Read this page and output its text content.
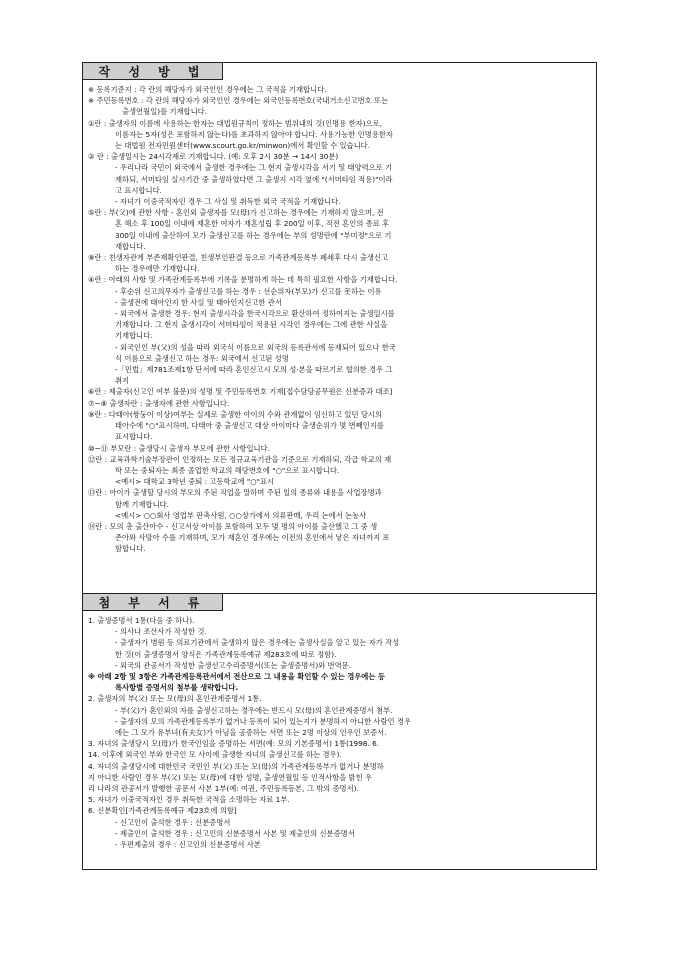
작 성 방 법
※ 등록기준지 : 각 란의 해당자가 외국인인 경우에는 그 국적을 기재합니다.
※ 주민등록번호 : 각 란의 해당자가 외국인인 경우에는 외국인등록번호(국내거소신고번호 또는
출생연월일)를 기재합니다.
①란 : 출생자의 이름에 사용하는 한자는 대법원규칙이 정하는 범위내의 것(인명용 한자)으로,
이름자는 5자(성은 포함하지 않는다)를 초과하지 않아야 합니다. 사용가능한 인명용한자
는 대법원 전자민원센터(www.scourt.go.kr/minwon)에서 확인할 수 있습니다.
② 란 : 출생일시는 24시각제로 기재합니다. (예: 오후 2시 30분 → 14시 30분)
- 우리나라 국민이 외국에서 출생한 경우에는 그 현지 출생시각을 서기 및 태양력으로 기
재하되, 서머타임 실시기간 중 출생하였다면 그 출생지 시각 옆에 "(서머타임 적용)"이라
고 표시합니다.
- 자녀가 이중국적자인 경우 그 사실 및 취득한 외국 국적을 기재합니다.
⑤란 : 부(父)에 관한 사항 - 혼인외 출생자를 모(母)가 신고하는 경우에는 기재하지 않으며, 전
혼 해소 후 100일 이내에 재혼한 여자가 재혼성립 후 200일 이후, 직전 혼인의 종료 후
300일 이내에 출산하여 모가 출생신고를 하는 경우에는 부의 성명란에 "부미정"으로 기
재합니다.
⑨란 : 친생자관계 부존재확인판결, 친생부인판결 등으로 가족관계등록부 폐쇄후 다시 출생신고
하는 경우에만 기재합니다.
④란 : 아래의 사항 및 가족관계등록부에 기록을 분명하게 하는 데 특히 필요한 사항을 기재합니다.
- 후순위 신고의무자가 출생신고를 하는 경우 : 선순위자(부모)가 신고를 못하는 이유
- 출생전에 태아인지 한 사실 및 태아인지신고한 관서
- 외국에서 출생한 경우: 현지 출생시각을 한국시각으로 환산하여 정하여지는 출생일시를
기재합니다. 그 현지 출생시각이 서머타임이 적용된 시각인 경우에는 그에 관한 사실을
기재합니다.
- 외국인인 부(父)의 성을 따라 외국식 이름으로 외국의 등록관서에 등재되어 있으나 한국
식 이름으로 출생신고 하는 경우: 외국에서 신고된 성명
-「민법」제781조제1항 단서에 따라 혼인신고시 모의 성·본을 따르기로 협의한 경우 그
취지
⑥란 : 제출자(신고인 여부 불문)의 성명 및 주민등록번호 기재[접수담당공무원은 신분증과 대조]
⑦~⑧ 출생자란 : 출생자에 관한 사항입니다.
⑨란 : 다태아(쌍둥이 이상)여부는 실제로 출생한 아이의 수와 관계없이 임신하고 있던 당시의
태아수에 "○"표시하며, 다태아 중 출생신고 대상 아이마다 출생순위가 몇 번째인지를
표시합니다.
⑩~⑪ 부모란 : 출생당시 출생자 부모에 관한 사항입니다.
⑫란 : 교육과학기술부장관이 인정하는 모든 정규교육기관을 기준으로 기재하되, 각급 학교의 재
학 또는 중퇴자는 최종 졸업한 학교의 해당번호에 "○"으로 표시합니다.
<예시> 대학교 3학년 중퇴 : 고등학교에 "○"표시
⑬란 : 아이가 출생할 당시의 부모의 주된 직업을 말하며 주된 일의 종류와 내용을 사업장명과
함께 기재합니다.
<예시> ○○회사 영업부 판촉사원, ○○상가에서 의류판매, 우리 논에서 논농사
⑭란 : 모의 총 출산아수 - 신고서상 아이를 포함하여 모두 몇 명의 아이를 출산했고 그 중 생
존아와 사망아 수를 기재하며, 모가 재혼인 경우에는 이전의 혼인에서 낳은 자녀까지 포
함합니다.
첨 부 서 류
1. 출생증명서 1통(다음 중 하나).
- 의사나 조산사가 작성한 것.
- 출생자가 병원 등 의료기관에서 출생하지 않은 경우에는 출생사실을 알고 있는 자가 작성
한 것(이 출생증명서 양식은 가족관계등록예규 제283호에 따로 정함).
- 외국의 관공서가 작성한 출생신고수리증명서(또는 출생증명서)와 번역문.
※ 아래 2항 및 3항은 가족관계등록관서에서 전산으로 그 내용을 확인할 수 있는 경우에는 등
록사항별 증명서의 첨부를 생략합니다.
2. 출생자의 부(父) 또는 모(母)의 혼인관계증명서 1통.
- 부(父)가 혼인외의 자를 출생신고하는 경우에는 반드시 모(母)의 혼인관계증명서 첨부.
- 출생자의 모의 가족관계등록부가 없거나 등록이 되어 있는지가 분명하지 아니한 사람인 경우
에는 그 모가 유부녀(有夫女)가 아님을 공증하는 서면 또는 2명 이상의 인우인 보증서.
3. 자녀의 출생당시 모(母)가 한국인임을 증명하는 서면(예: 모의 기본증명서) 1통(1998. 6.
14. 이후에 외국인 부와 한국인 모 사이에 출생한 자녀의 출생신고를 하는 경우).
4. 자녀의 출생당시에 대한민국 국민인 부(父) 또는 모(母)의 가족관계등록부가 없거나 분명하
지 아니한 사람인 경우 부(父) 또는 모(母)에 대한 성명, 출생연월일 등 인적사항을 밝힌 우
리 나라의 관공서가 발행한 공문서 사본 1부(예: 여권, 주민등록등본, 그 밖의 증명서).
5. 자녀가 이중국적자인 경우 취득한 국적을 소명하는 자료 1부.
6. 신분확인[가족관계등록예규 제23호에 의함]
- 신고인이 출석한 경우 : 신분증명서
- 제출인이 출석한 경우 : 신고인의 신분증명서 사본 및 제출인의 신분증명서
- 우편제출의 경우 : 신고인의 신분증명서 사본
